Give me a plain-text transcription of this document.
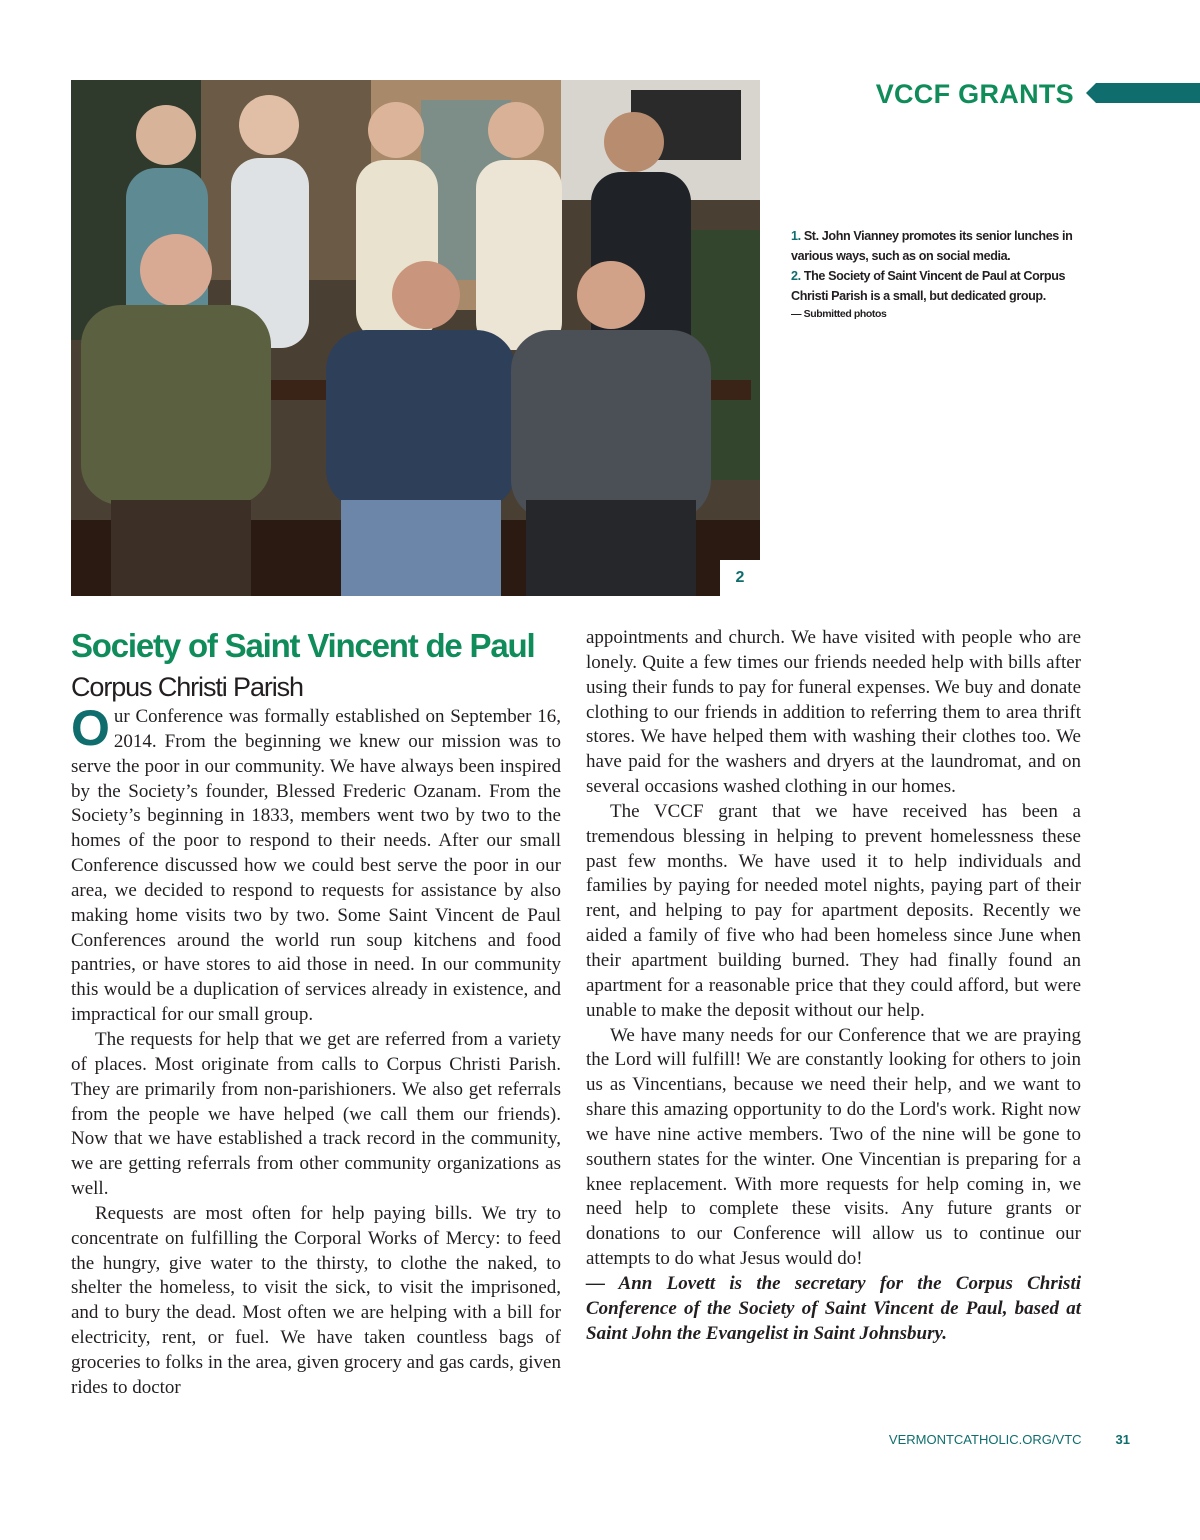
2
VCCF GRANTS
1. St. John Vianney promotes its senior lunches in various ways, such as on social media.
2. The Society of Saint Vincent de Paul at Corpus Christi Parish is a small, but dedicated group.
— Submitted photos
Society of Saint Vincent de Paul
Corpus Christi Parish

Our Conference was formally established on September 16, 2014. From the beginning we knew our mission was to serve the poor in our community. We have always been inspired by the Society’s founder, Blessed Frederic Ozanam. From the Society’s beginning in 1833, members went two by two to the homes of the poor to respond to their needs. After our small Conference discussed how we could best serve the poor in our area, we decided to respond to requests for assistance by also making home visits two by two. Some Saint Vincent de Paul Conferences around the world run soup kitchens and food pantries, or have stores to aid those in need. In our community this would be a duplication of services already in existence, and impractical for our small group.

The requests for help that we get are referred from a variety of places. Most originate from calls to Corpus Christi Parish. They are primarily from non-parishioners. We also get referrals from the people we have helped (we call them our friends). Now that we have established a track record in the community, we are getting referrals from other community organizations as well.

Requests are most often for help paying bills. We try to concentrate on fulfilling the Corporal Works of Mercy: to feed the hungry, give water to the thirsty, to clothe the naked, to shelter the homeless, to visit the sick, to visit the imprisoned, and to bury the dead. Most often we are helping with a bill for electricity, rent, or fuel. We have taken countless bags of groceries to folks in the area, given grocery and gas cards, given rides to doctor

appointments and church. We have visited with people who are lonely. Quite a few times our friends needed help with bills after using their funds to pay for funeral expenses. We buy and donate clothing to our friends in addition to referring them to area thrift stores. We have helped them with washing their clothes too. We have paid for the washers and dryers at the laundromat, and on several occasions washed clothing in our homes.

The VCCF grant that we have received has been a tremendous blessing in helping to prevent homelessness these past few months. We have used it to help individuals and families by paying for needed motel nights, paying part of their rent, and helping to pay for apartment deposits. Recently we aided a family of five who had been homeless since June when their apartment building burned. They had finally found an apartment for a reasonable price that they could afford, but were unable to make the deposit without our help.

We have many needs for our Conference that we are praying the Lord will fulfill! We are constantly looking for others to join us as Vincentians, because we need their help, and we want to share this amazing opportunity to do the Lord's work. Right now we have nine active members. Two of the nine will be gone to southern states for the winter. One Vincentian is preparing for a knee replacement. With more requests for help coming in, we need help to complete these visits. Any future grants or donations to our Conference will allow us to continue our attempts to do what Jesus would do!

— Ann Lovett is the secretary for the Corpus Christi Conference of the Society of Saint Vincent de Paul, based at Saint John the Evangelist in Saint Johnsbury.

VERMONTCATHOLIC.ORG/VTC	31
